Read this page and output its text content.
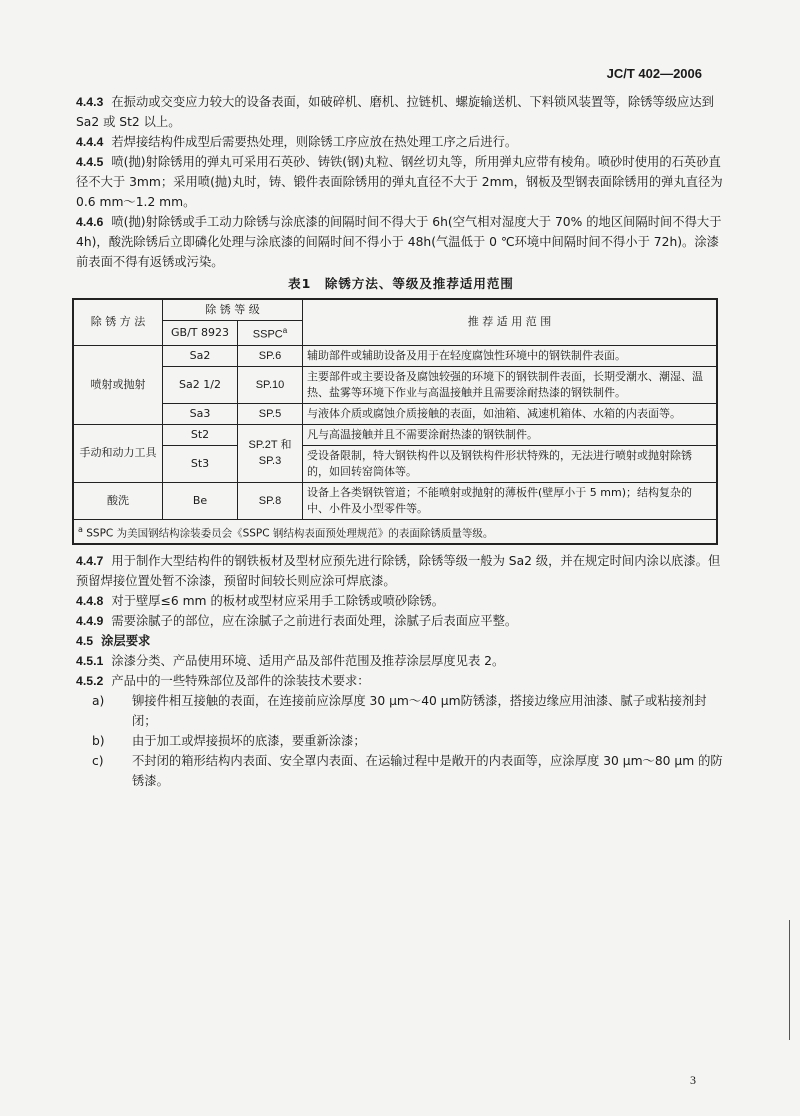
JC/T 402—2006

4.4.3 在振动或交变应力较大的设备表面，如破碎机、磨机、拉链机、螺旋输送机、下料锁风装置等，除锈等级应达到 Sa2 或 St2 以上。

4.4.4 若焊接结构件成型后需要热处理，则除锈工序应放在热处理工序之后进行。

4.4.5 喷(抛)射除锈用的弹丸可采用石英砂、铸铁(钢)丸粒、钢丝切丸等，所用弹丸应带有棱角。喷砂时使用的石英砂直径不大于 3mm；采用喷(抛)丸时，铸、锻件表面除锈用的弹丸直径不大于 2mm，钢板及型钢表面除锈用的弹丸直径为 0.6 mm～1.2 mm。

4.4.6 喷(抛)射除锈或手工动力除锈与涂底漆的间隔时间不得大于 6h(空气相对湿度大于 70% 的地区间隔时间不得大于 4h)，酸洗除锈后立即磷化处理与涂底漆的间隔时间不得小于 48h(气温低于 0 ℃环境中间隔时间不得小于 72h)。涂漆前表面不得有返锈或污染。

表1　除锈方法、等级及推荐适用范围
除 锈 方 法	除 锈 等 级		推 荐 适 用 范 围
	GB/T 8923	SSPC$^a$
喷射或抛射	Sa2	SP.6	辅助部件或辅助设备及用于在轻度腐蚀性环境中的钢铁制件表面。
	Sa2 1/2	SP.10	主要部件或主要设备及腐蚀较强的环境下的钢铁制件表面，长期受潮水、潮湿、温热、盐雾等环境下作业与高温接触并且需要涂耐热漆的钢铁制件。
	Sa3	SP.5	与液体介质或腐蚀介质接触的表面，如油箱、减速机箱体、水箱的内表面等。
手动和动力工具	St2	SP.2T 和 SP.3	凡与高温接触并且不需要涂耐热漆的钢铁制件。
	St3		受设备限制，特大钢铁构件以及钢铁构件形状特殊的，无法进行喷射或抛射除锈的，如回转窑筒体等。
酸洗	Be	SP.8	设备上各类钢铁管道；不能喷射或抛射的薄板件(壁厚小于 5 mm)；结构复杂的中、小件及小型零件等。
$^a$ SSPC 为美国钢结构涂装委员会《SSPC 钢结构表面预处理规范》的表面除锈质量等级。			

4.4.7 用于制作大型结构件的钢铁板材及型材应预先进行除锈，除锈等级一般为 Sa2 级，并在规定时间内涂以底漆。但预留焊接位置处暂不涂漆，预留时间较长则应涂可焊底漆。

4.4.8 对于壁厚≤6 mm 的板材或型材应采用手工除锈或喷砂除锈。

4.4.9 需要涂腻子的部位，应在涂腻子之前进行表面处理，涂腻子后表面应平整。

4.5 涂层要求

4.5.1 涂漆分类、产品使用环境、适用产品及部件范围及推荐涂层厚度见表 2。

4.5.2 产品中的一些特殊部位及部件的涂装技术要求：

a)	铆接件相互接触的表面，在连接前应涂厚度 30 μm～40 μm防锈漆，搭接边缘应用油漆、腻子或粘接剂封闭；
b)	由于加工或焊接损坏的底漆，要重新涂漆；
c)	不封闭的箱形结构内表面、安全罩内表面、在运输过程中是敞开的内表面等，应涂厚度 30 μm～80 μm 的防锈漆。
3
